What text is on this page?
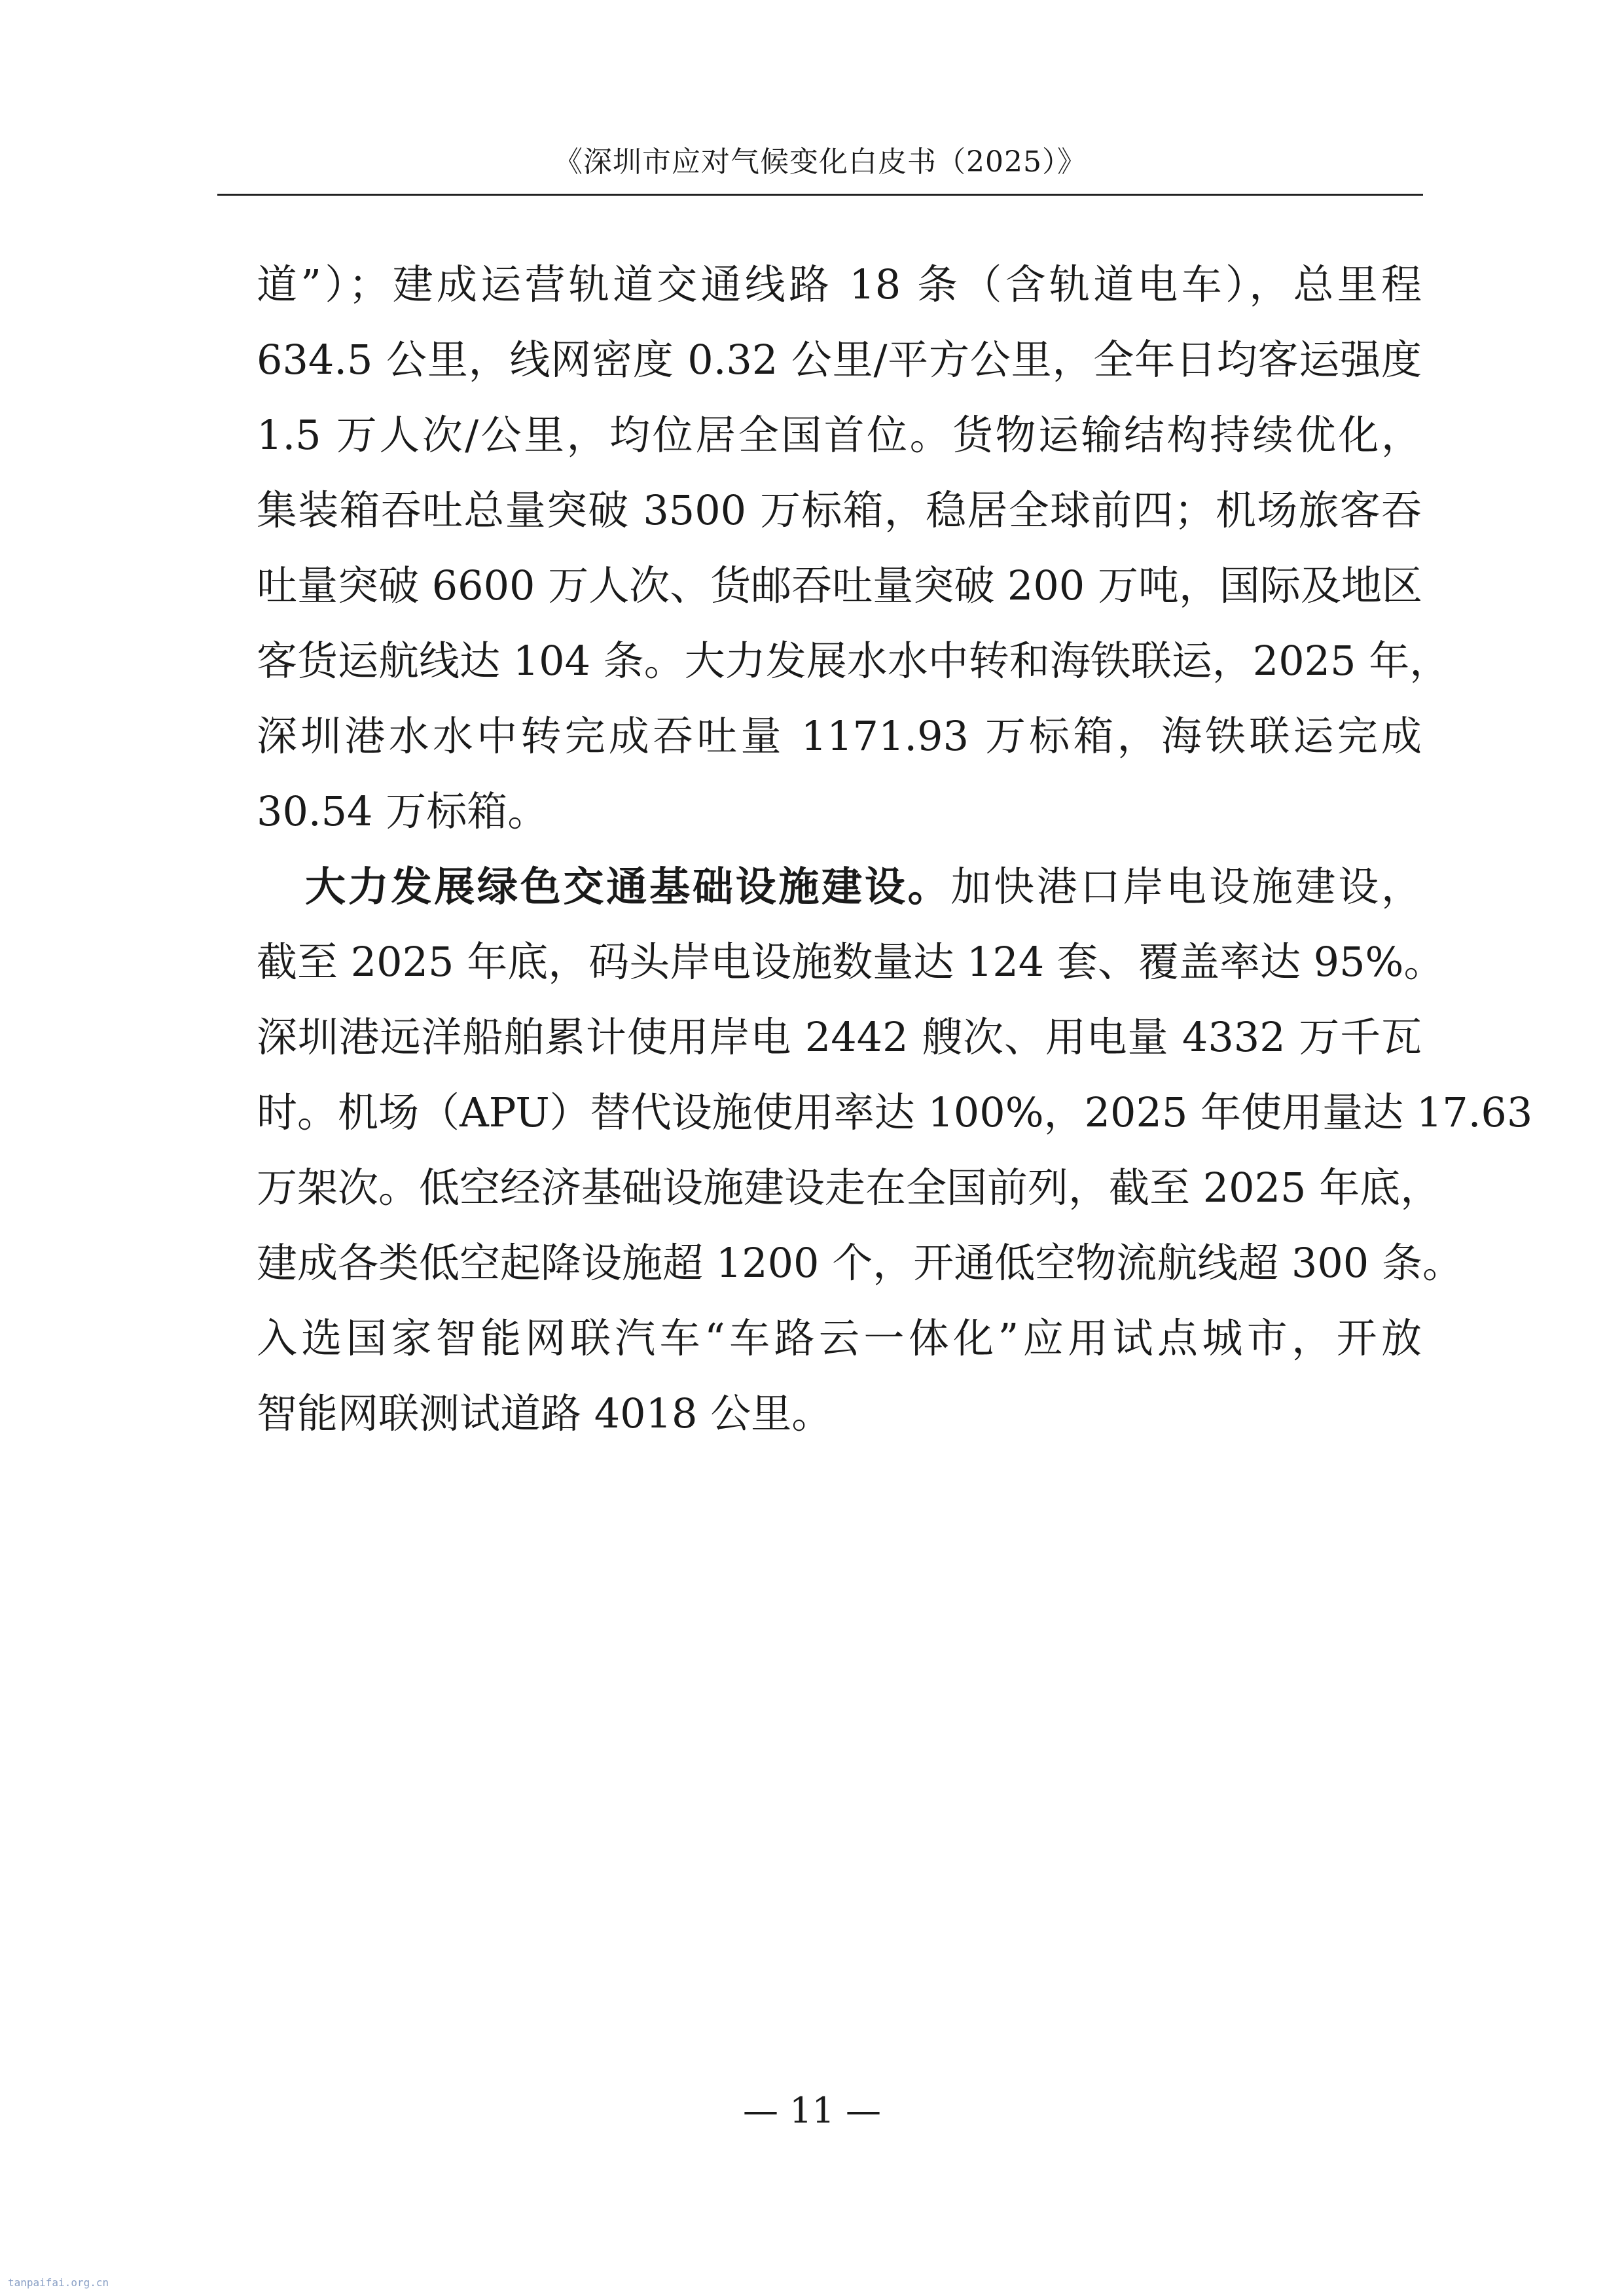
《深圳市应对气候变化白皮书（2025）》
道”）；建成运营轨道交通线路 18 条（含轨道电车），总里程
634.5 公里，线网密度 0.32 公里/平方公里，全年日均客运强度
1.5 万人次/公里，均位居全国首位。货物运输结构持续优化，
集装箱吞吐总量突破 3500 万标箱，稳居全球前四；机场旅客吞
吐量突破 6600 万人次、货邮吞吐量突破 200 万吨，国际及地区
客货运航线达 104 条。大力发展水水中转和海铁联运，2025 年，
深圳港水水中转完成吞吐量 1171.93 万标箱，海铁联运完成
30.54 万标箱。
大力发展绿色交通基础设施建设。加快港口岸电设施建设，
截至 2025 年底，码头岸电设施数量达 124 套、覆盖率达 95%。
深圳港远洋船舶累计使用岸电 2442 艘次、用电量 4332 万千瓦
时。机场（APU）替代设施使用率达 100%，2025 年使用量达 17.63
万架次。低空经济基础设施建设走在全国前列，截至 2025 年底，
建成各类低空起降设施超 1200 个，开通低空物流航线超 300 条。
入选国家智能网联汽车“车路云一体化”应用试点城市，开放
智能网联测试道路 4018 公里。
— 11 —
tanpaifai.org.cn
